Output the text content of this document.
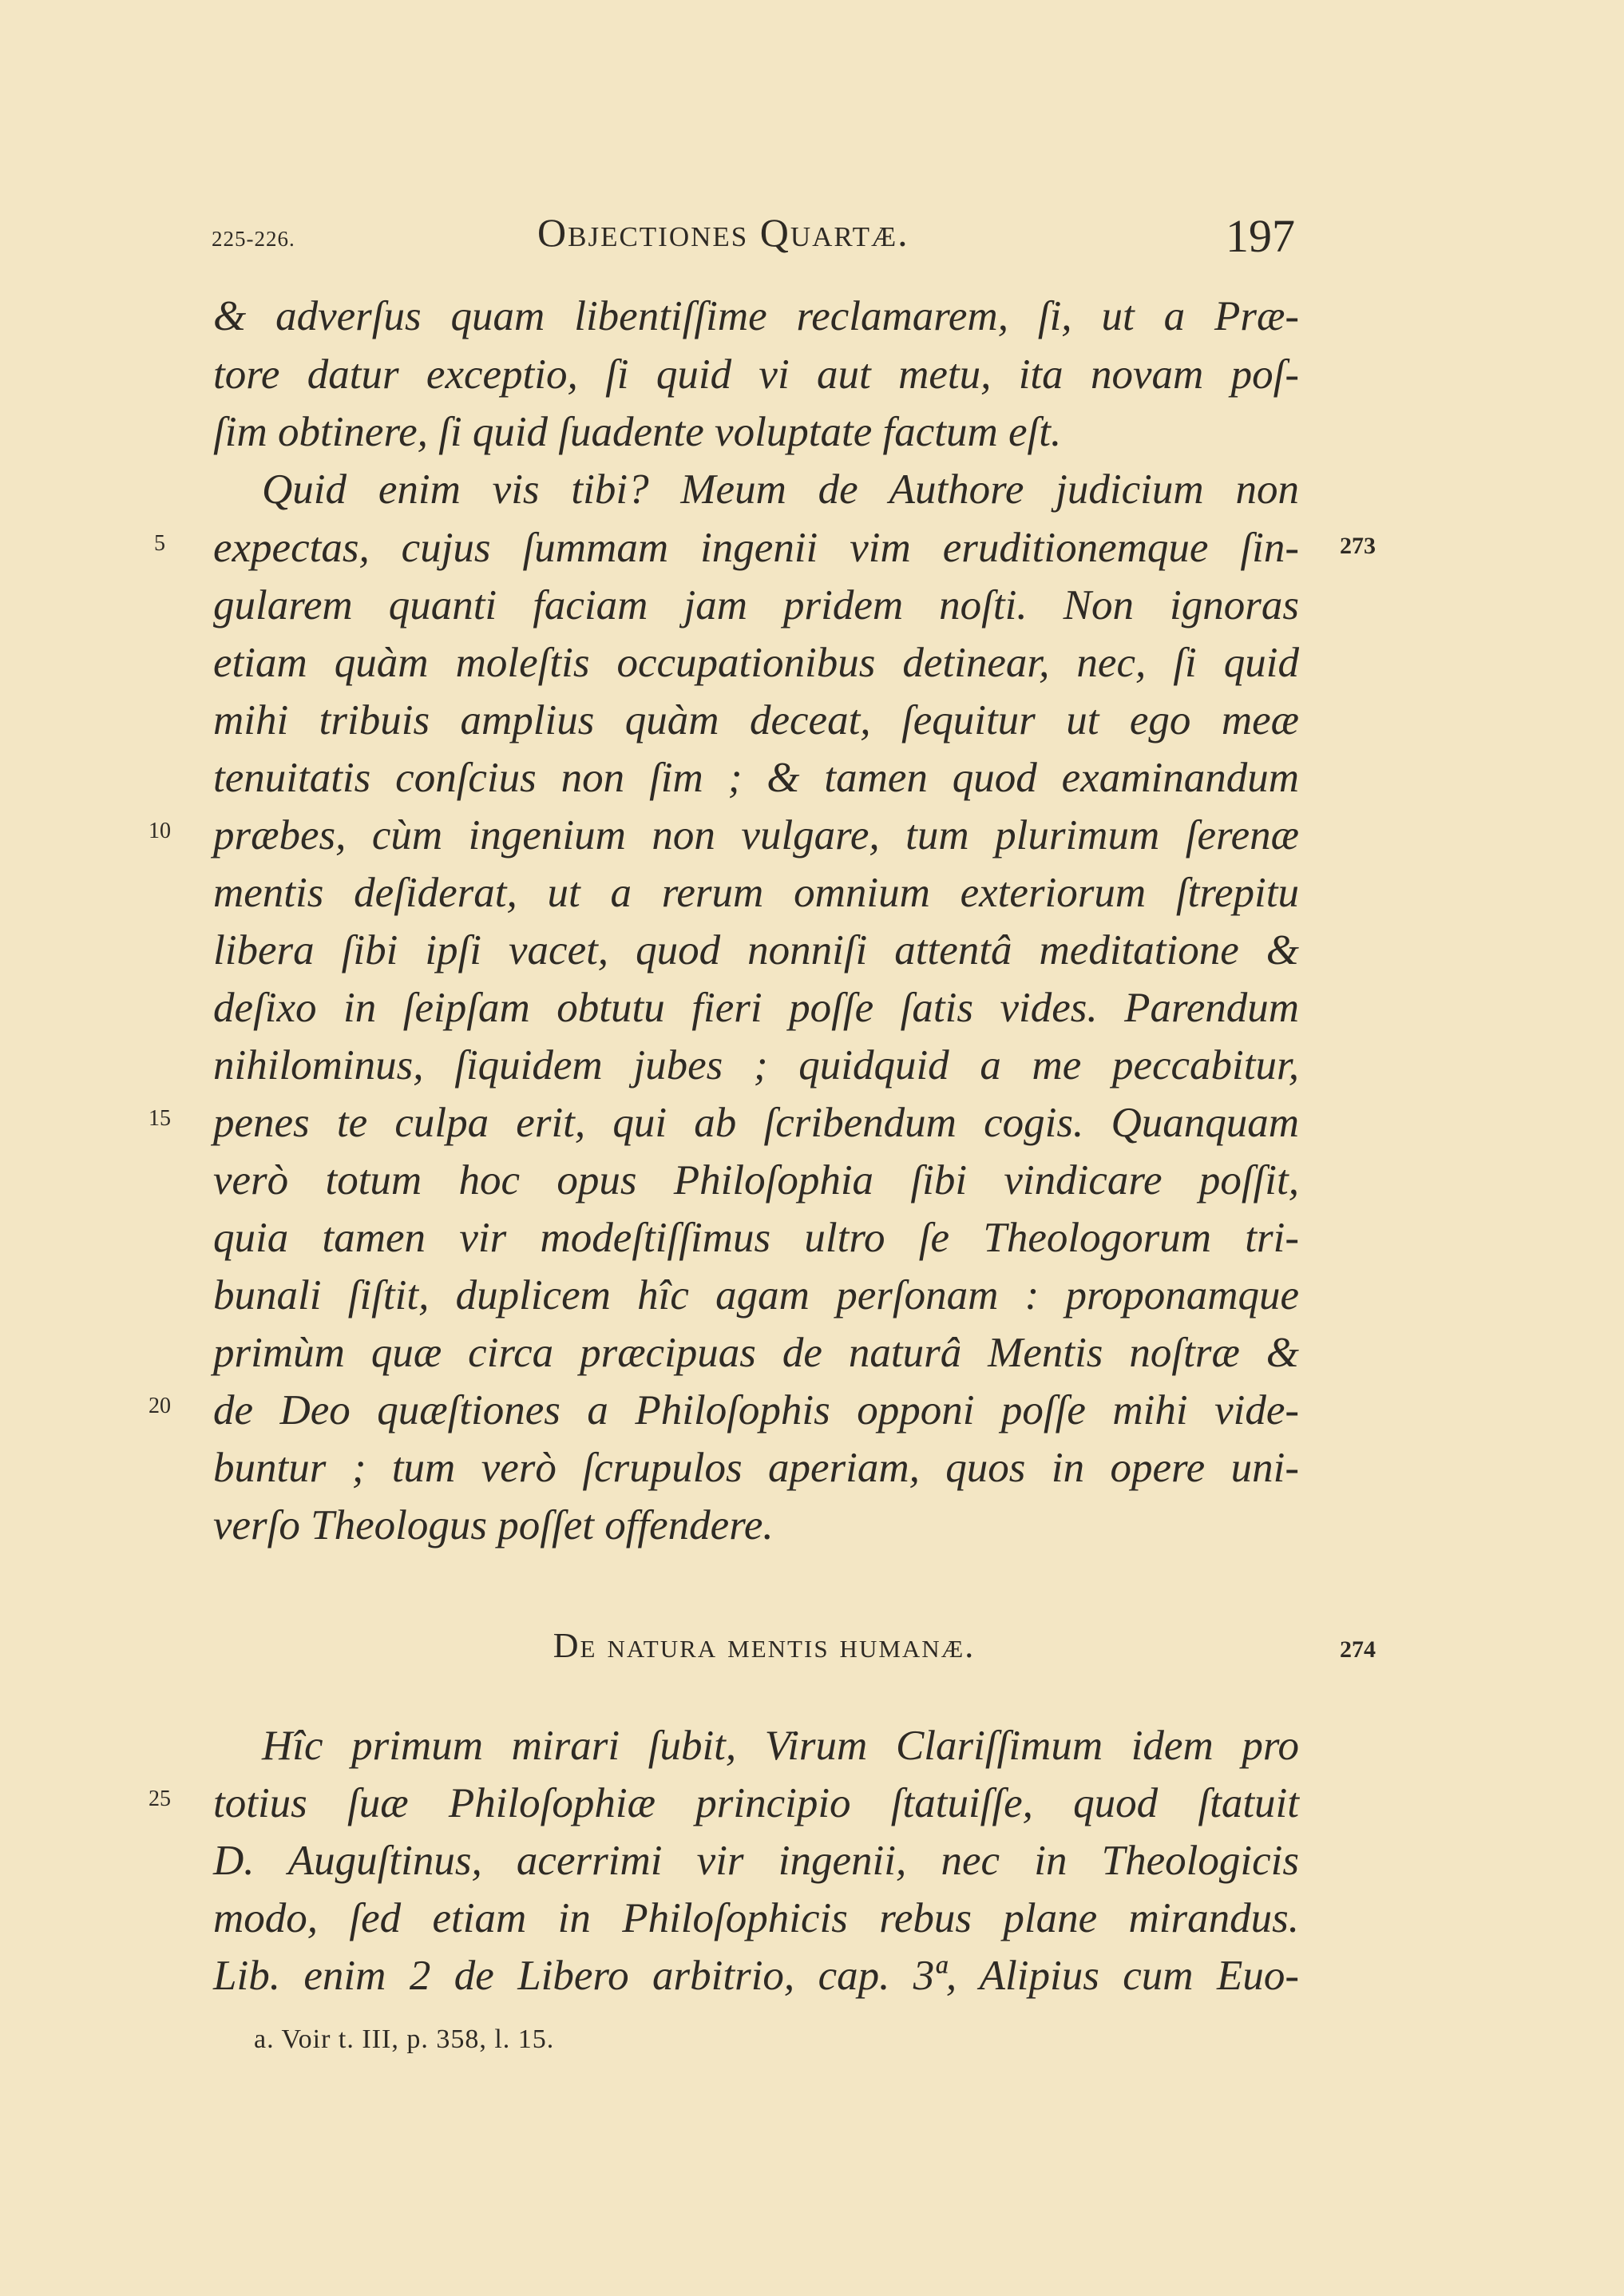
225-226.	Objectiones Quartæ.	197
& adverſus quam libentiſſime reclamarem, ſi, ut a Præ-
tore datur exceptio, ſi quid vi aut metu, ita novam poſ-
ſim obtinere, ſi quid ſuadente voluptate factum eſt.
Quid enim vis tibi? Meum de Authore judicium non
expectas, cujus ſummam ingenii vim eruditionemque ſin-
gularem quanti faciam jam pridem noſti. Non ignoras
etiam quàm moleſtis occupationibus detinear, nec, ſi quid
mihi tribuis amplius quàm deceat, ſequitur ut ego meæ
tenuitatis conſcius non ſim ; & tamen quod examinandum
præbes, cùm ingenium non vulgare, tum plurimum ſerenæ
mentis deſiderat, ut a rerum omnium exteriorum ſtrepitu
libera ſibi ipſi vacet, quod nonniſi attentâ meditatione &
deſixo in ſeipſam obtutu fieri poſſe ſatis vides. Parendum
nihilominus, ſiquidem jubes ; quidquid a me peccabitur,
penes te culpa erit, qui ab ſcribendum cogis. Quanquam
verò totum hoc opus Philoſophia ſibi vindicare poſſit,
quia tamen vir modeſtiſſimus ultro ſe Theologorum tri-
bunali ſiſtit, duplicem hîc agam perſonam : proponamque
primùm quæ circa præcipuas de naturâ Mentis noſtræ &
de Deo quæſtiones a Philoſophis opponi poſſe mihi vide-
buntur ; tum verò ſcrupulos aperiam, quos in opere uni-
verſo Theologus poſſet offendere.
Hîc primum mirari ſubit, Virum Clariſſimum idem pro
totius ſuæ Philoſophiæ principio ſtatuiſſe, quod ſtatuit
D. Auguſtinus, acerrimi vir ingenii, nec in Theologicis
modo, ſed etiam in Philoſophicis rebus plane mirandus.
Lib. enim 2 de Libero arbitrio, cap. 3ª, Alipius cum Euo-
5
10
15
20
25
273
274
De natura mentis humanæ.
a. Voir t. III, p. 358, l. 15.
